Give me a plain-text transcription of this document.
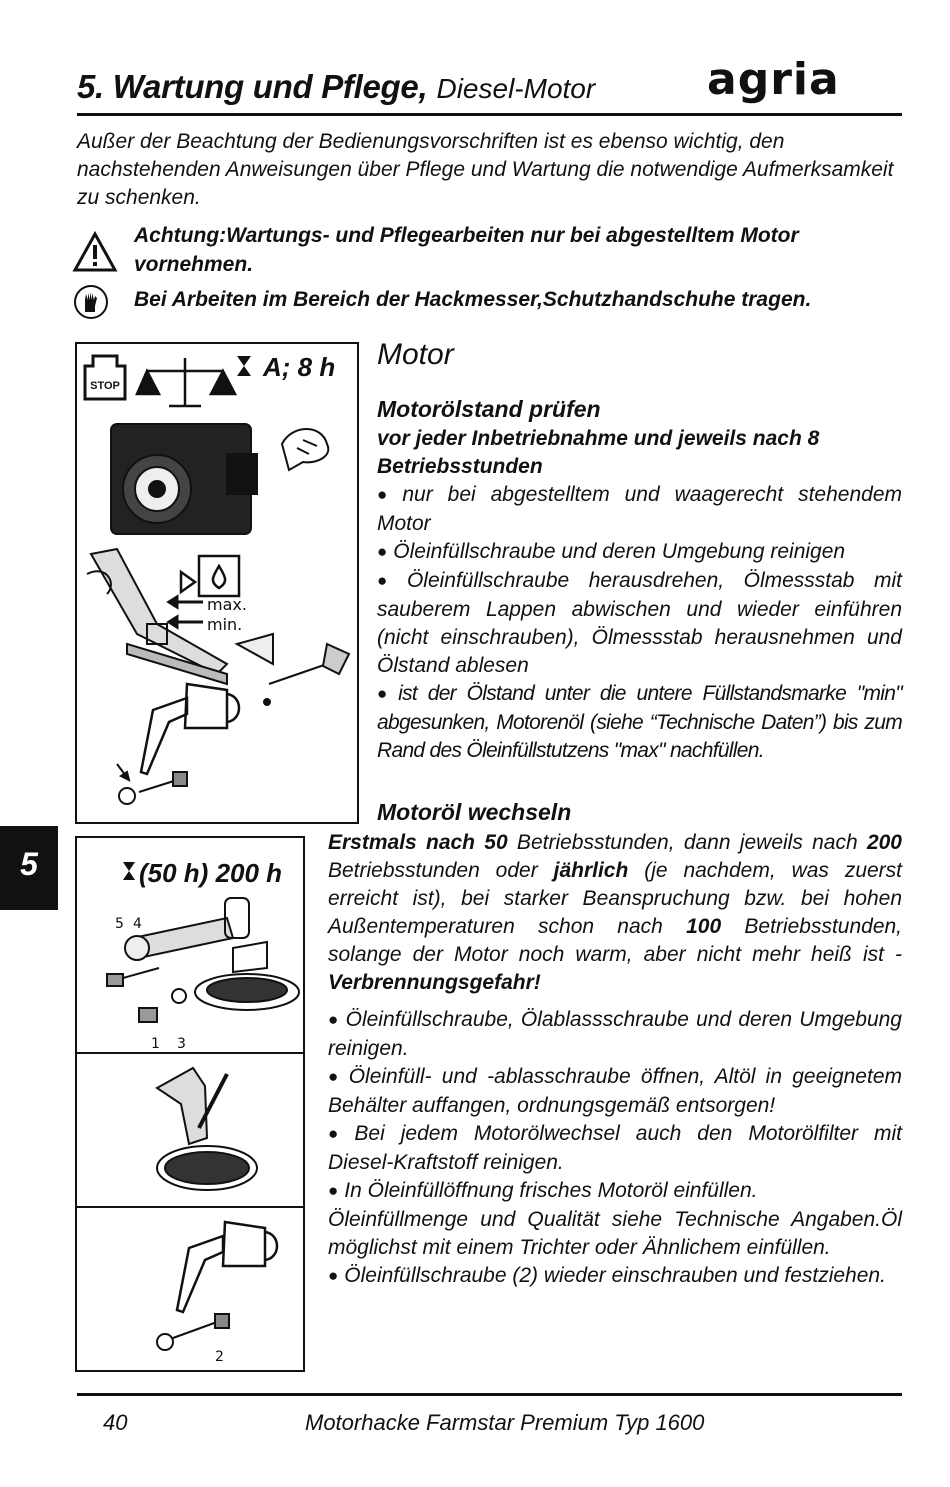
5. Wartung und Pflege, Diesel-Motor	agria
Außer der Beachtung der Bedienungsvorschriften ist es ebenso wichtig, den nachstehenden Anweisungen über Pflege und Wartung die notwendige Aufmerksamkeit zu schenken.
Achtung:Wartungs- und Pflegearbeiten nur bei abgestelltem Motor vornehmen.
Bei Arbeiten im Bereich der Hackmesser,Schutzhandschuhe tragen.
STOP
A; 8 h
max.
min.
(50 h) 200 h
5 4
1 3
2
Motor
Motorölstand prüfen
vor jeder Inbetriebnahme und jeweils nach 8 Betriebsstunden

● nur bei abgestelltem und waagerecht stehendem Motor

● Öleinfüllschraube und deren Umgebung reinigen

● Öleinfüllschraube herausdrehen, Ölmessstab mit sauberem Lappen abwischen und wieder einführen (nicht einschrauben), Ölmessstab herausnehmen und Ölstand ablesen

● ist der Ölstand unter die untere Füllstandsmarke "min" abgesunken, Motorenöl (siehe “Technische Daten”) bis zum Rand des Öleinfüllstutzens "max" nachfüllen.

Motoröl wechseln

Erstmals nach 50 Betriebsstunden, dann jeweils nach 200 Betriebsstunden oder jährlich (je nachdem, was zuerst erreicht ist), bei starker Beanspruchung bzw. bei hohen Außentemperaturen schon nach 100 Betriebsstunden, solange der Motor noch warm, aber nicht mehr heiß ist - Verbrennungsgefahr!

● Öleinfüllschraube, Ölablassschraube und deren Umgebung reinigen.

● Öleinfüll- und -ablasschraube öffnen, Altöl in geeignetem Behälter auffangen, ordnungsgemäß entsorgen!

● Bei jedem Motorölwechsel auch den Motorölfilter mit Diesel-Kraftstoff reinigen.

● In Öleinfüllöffnung frisches Motoröl einfüllen.

Öleinfüllmenge und Qualität siehe Technische Angaben.Öl möglichst mit einem Trichter oder Ähnlichem einfüllen.

● Öleinfüllschraube (2) wieder einschrauben und festziehen.

5
40	Motorhacke Farmstar Premium Typ 1600
